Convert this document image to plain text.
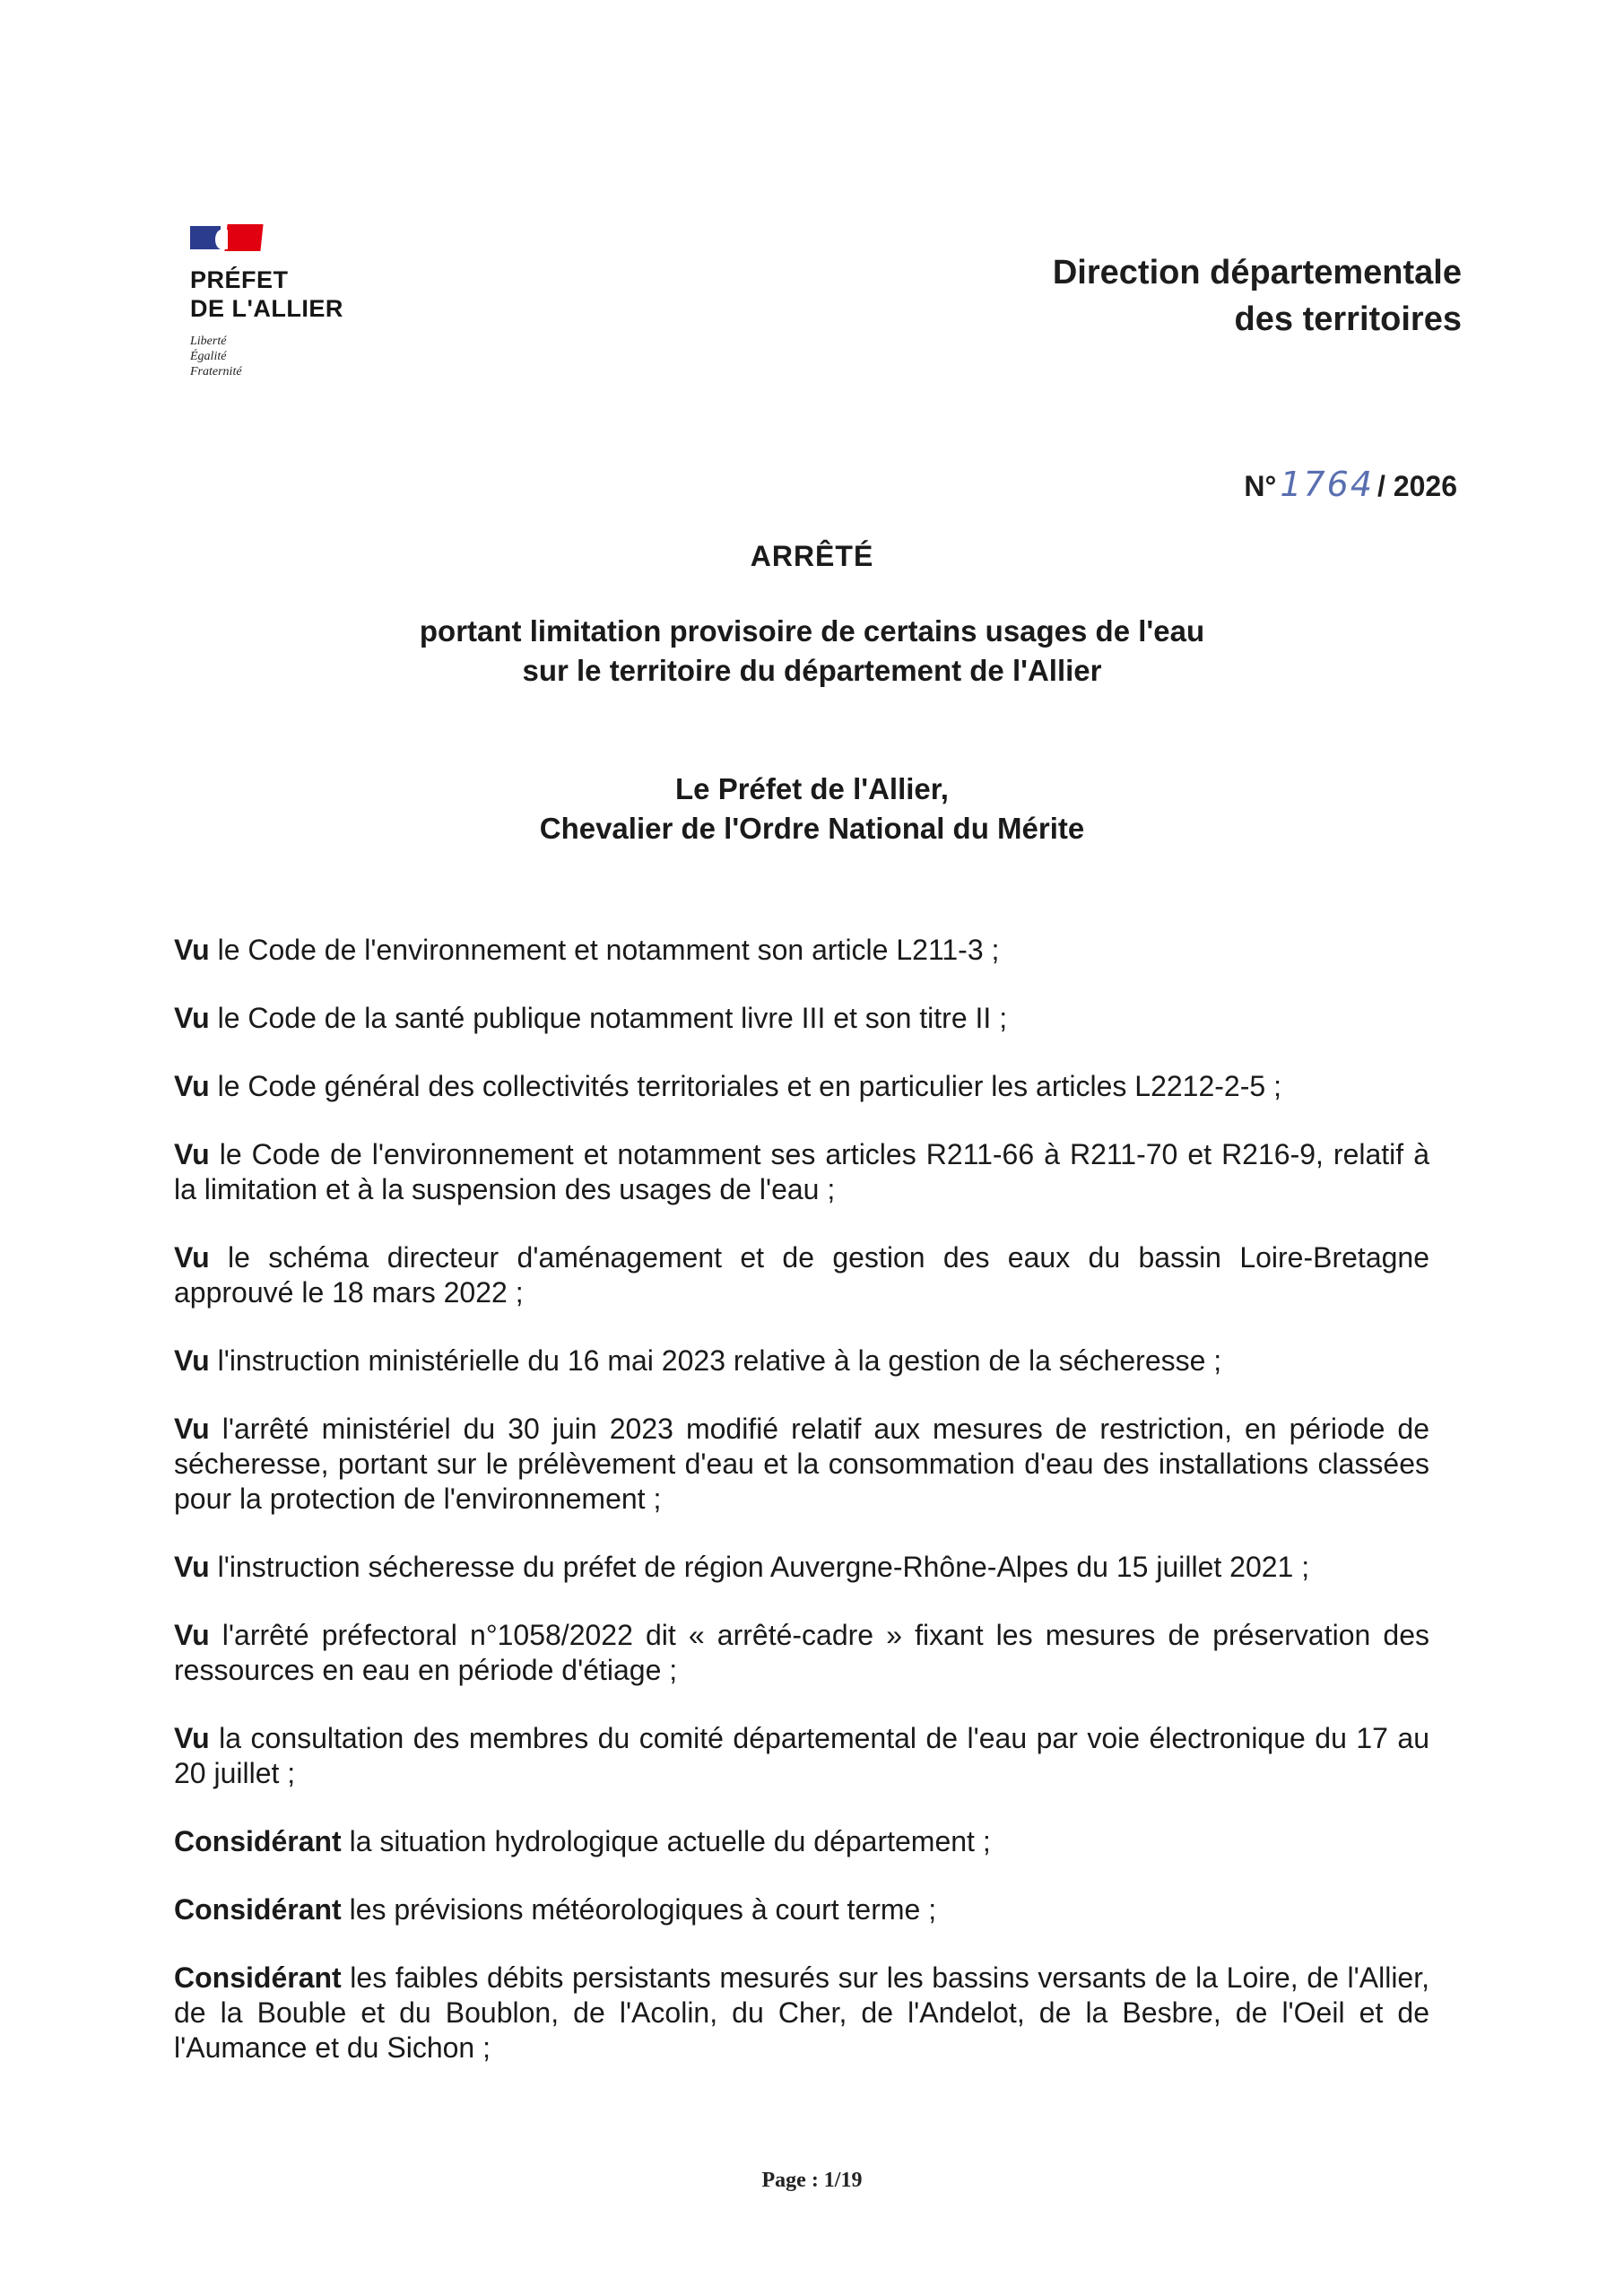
PRÉFET
DE L'ALLIER
Liberté
Égalité
Fraternité
Direction départementale
des territoires
N° 1764 / 2026
ARRÊTÉ
portant limitation provisoire de certains usages de l'eau
sur le territoire du département de l'Allier
Le Préfet de l'Allier,
Chevalier de l'Ordre National du Mérite

Vu le Code de l'environnement et notamment son article L211-3 ;

Vu le Code de la santé publique notamment livre III et son titre II ;

Vu le Code général des collectivités territoriales et en particulier les articles L2212-2-5 ;

Vu le Code de l'environnement et notamment ses articles R211-66 à R211-70 et R216-9, relatif à la limitation et à la suspension des usages de l'eau ;

Vu le schéma directeur d'aménagement et de gestion des eaux du bassin Loire-Bretagne approuvé le 18 mars 2022 ;

Vu l'instruction ministérielle du 16 mai 2023 relative à la gestion de la sécheresse ;

Vu l'arrêté ministériel du 30 juin 2023 modifié relatif aux mesures de restriction, en période de sécheresse, portant sur le prélèvement d'eau et la consommation d'eau des installations classées pour la protection de l'environnement ;

Vu l'instruction sécheresse du préfet de région Auvergne-Rhône-Alpes du 15 juillet 2021 ;

Vu l'arrêté préfectoral n°1058/2022 dit « arrêté-cadre » fixant les mesures de préservation des ressources en eau en période d'étiage ;

Vu la consultation des membres du comité départemental de l'eau par voie électronique du 17 au 20 juillet ;

Considérant la situation hydrologique actuelle du département ;

Considérant les prévisions météorologiques à court terme ;

Considérant les faibles débits persistants mesurés sur les bassins versants de la Loire, de l'Allier, de la Bouble et du Boublon, de l'Acolin, du Cher, de l'Andelot, de la Besbre, de l'Oeil et de l'Aumance et du Sichon ;

Page : 1/19
